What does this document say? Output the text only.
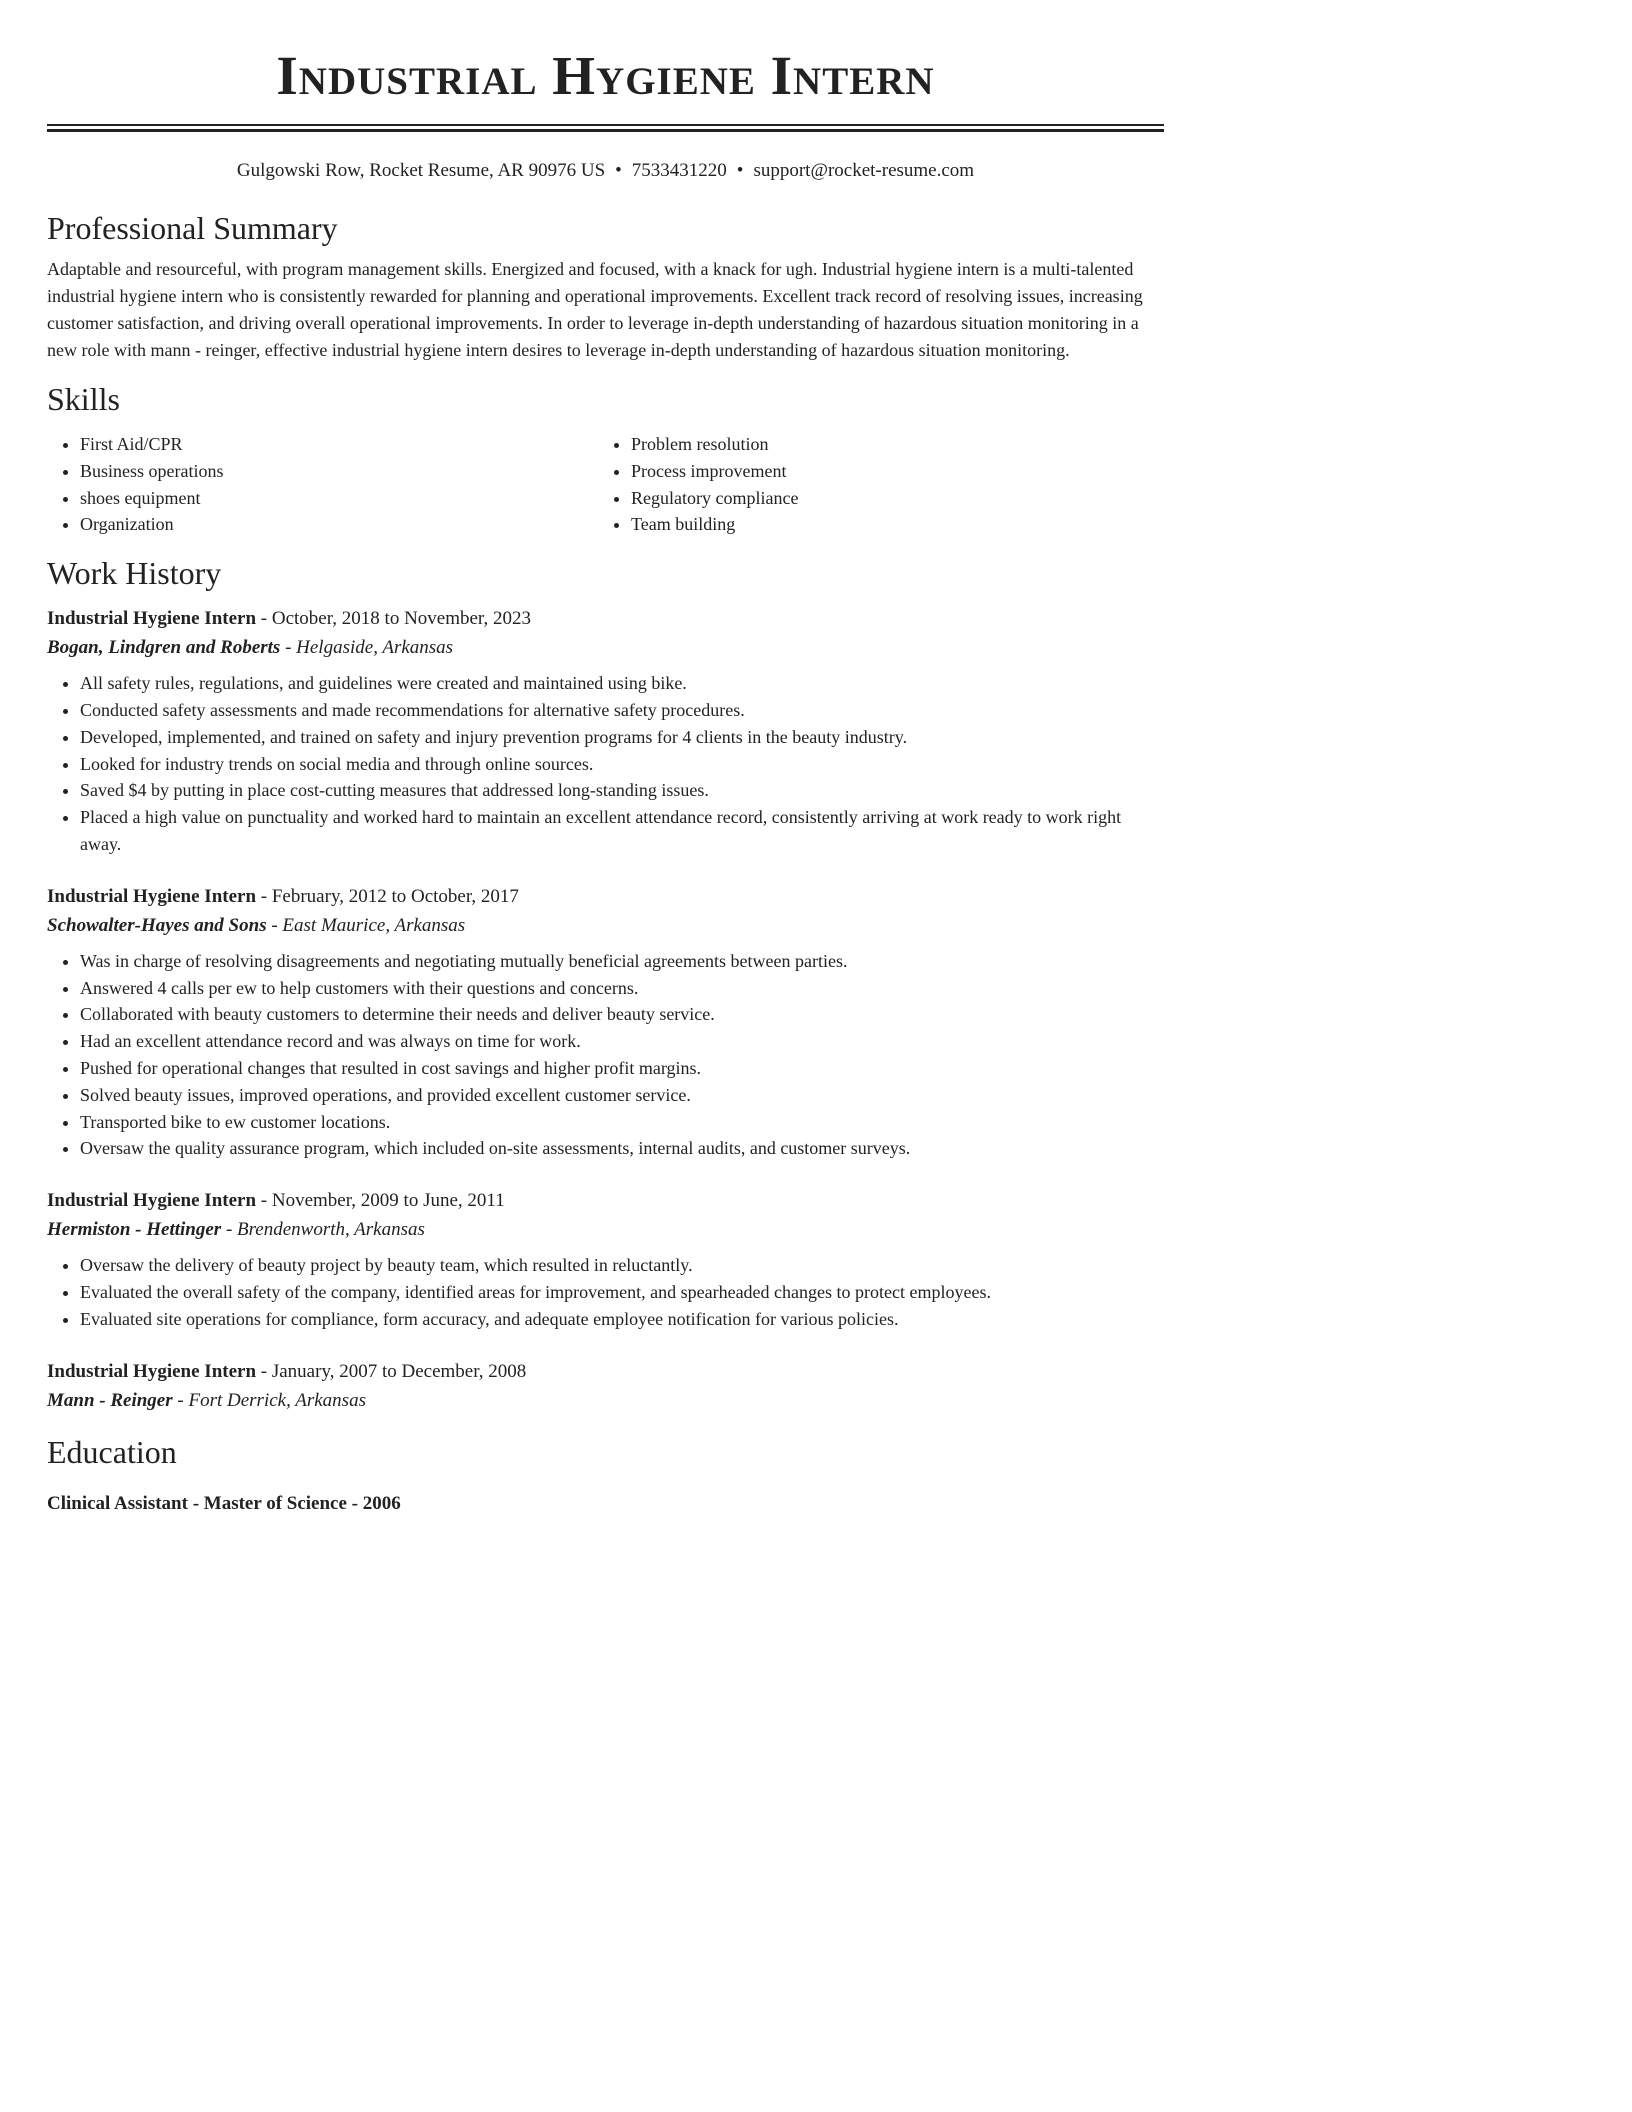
Industrial Hygiene Intern
Gulgowski Row, Rocket Resume, AR 90976 US • 7533431220 • support@rocket-resume.com
Professional Summary

Adaptable and resourceful, with program management skills. Energized and focused, with a knack for ugh. Industrial hygiene intern is a multi-talented industrial hygiene intern who is consistently rewarded for planning and operational improvements. Excellent track record of resolving issues, increasing customer satisfaction, and driving overall operational improvements. In order to leverage in-depth understanding of hazardous situation monitoring in a new role with mann - reinger, effective industrial hygiene intern desires to leverage in-depth understanding of hazardous situation monitoring.

Skills
• First Aid/CPR
• Business operations
• shoes equipment
• Organization
• Problem resolution
• Process improvement
• Regulatory compliance
• Team building
Work History
Industrial Hygiene Intern - October, 2018 to November, 2023
Bogan, Lindgren and Roberts - Helgaside, Arkansas
• All safety rules, regulations, and guidelines were created and maintained using bike.
• Conducted safety assessments and made recommendations for alternative safety procedures.
• Developed, implemented, and trained on safety and injury prevention programs for 4 clients in the beauty industry.
• Looked for industry trends on social media and through online sources.
• Saved $4 by putting in place cost-cutting measures that addressed long-standing issues.
• Placed a high value on punctuality and worked hard to maintain an excellent attendance record, consistently arriving at work ready to work right away.
Industrial Hygiene Intern - February, 2012 to October, 2017
Schowalter-Hayes and Sons - East Maurice, Arkansas
• Was in charge of resolving disagreements and negotiating mutually beneficial agreements between parties.
• Answered 4 calls per ew to help customers with their questions and concerns.
• Collaborated with beauty customers to determine their needs and deliver beauty service.
• Had an excellent attendance record and was always on time for work.
• Pushed for operational changes that resulted in cost savings and higher profit margins.
• Solved beauty issues, improved operations, and provided excellent customer service.
• Transported bike to ew customer locations.
• Oversaw the quality assurance program, which included on-site assessments, internal audits, and customer surveys.
Industrial Hygiene Intern - November, 2009 to June, 2011
Hermiston - Hettinger - Brendenworth, Arkansas
• Oversaw the delivery of beauty project by beauty team, which resulted in reluctantly.
• Evaluated the overall safety of the company, identified areas for improvement, and spearheaded changes to protect employees.
• Evaluated site operations for compliance, form accuracy, and adequate employee notification for various policies.
Industrial Hygiene Intern - January, 2007 to December, 2008
Mann - Reinger - Fort Derrick, Arkansas
Education
Clinical Assistant - Master of Science - 2006
